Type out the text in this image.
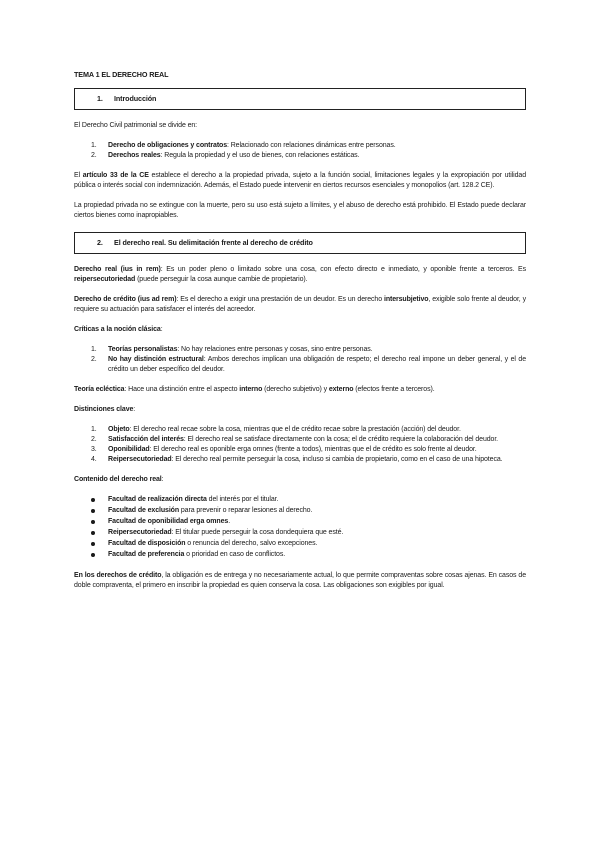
TEMA 1 EL DERECHO REAL

1.	Introducción

El Derecho Civil patrimonial se divide en:

1.	Derecho de obligaciones y contratos: Relacionado con relaciones dinámicas entre personas.
2.	Derechos reales: Regula la propiedad y el uso de bienes, con relaciones estáticas.

El artículo 33 de la CE establece el derecho a la propiedad privada, sujeto a la función social, limitaciones legales y la expropiación por utilidad pública o interés social con indemnización. Además, el Estado puede intervenir en ciertos recursos esenciales y monopolios (art. 128.2 CE).

La propiedad privada no se extingue con la muerte, pero su uso está sujeto a límites, y el abuso de derecho está prohibido. El Estado puede declarar ciertos bienes como inapropiables.

2.	El derecho real. Su delimitación frente al derecho de crédito

Derecho real (ius in rem): Es un poder pleno o limitado sobre una cosa, con efecto directo e inmediato, y oponible frente a terceros. Es reipersecutoriedad (puede perseguir la cosa aunque cambie de propietario).

Derecho de crédito (ius ad rem): Es el derecho a exigir una prestación de un deudor. Es un derecho intersubjetivo, exigible solo frente al deudor, y requiere su actuación para satisfacer el interés del acreedor.

Críticas a la noción clásica:

1.	Teorías personalistas: No hay relaciones entre personas y cosas, sino entre personas.
2.	No hay distinción estructural: Ambos derechos implican una obligación de respeto; el derecho real impone un deber general, y el de crédito un deber específico del deudor.

Teoría ecléctica: Hace una distinción entre el aspecto interno (derecho subjetivo) y externo (efectos frente a terceros).

Distinciones clave:

1.	Objeto: El derecho real recae sobre la cosa, mientras que el de crédito recae sobre la prestación (acción) del deudor.
2.	Satisfacción del interés: El derecho real se satisface directamente con la cosa; el de crédito requiere la colaboración del deudor.
3.	Oponibilidad: El derecho real es oponible erga omnes (frente a todos), mientras que el de crédito es solo frente al deudor.
4.	Reipersecutoriedad: El derecho real permite perseguir la cosa, incluso si cambia de propietario, como en el caso de una hipoteca.

Contenido del derecho real:

Facultad de realización directa del interés por el titular.
Facultad de exclusión para prevenir o reparar lesiones al derecho.
Facultad de oponibilidad erga omnes.
Reipersecutoriedad: El titular puede perseguir la cosa dondequiera que esté.
Facultad de disposición o renuncia del derecho, salvo excepciones.
Facultad de preferencia o prioridad en caso de conflictos.

En los derechos de crédito, la obligación es de entrega y no necesariamente actual, lo que permite compraventas sobre cosas ajenas. En casos de doble compraventa, el primero en inscribir la propiedad es quien conserva la cosa. Las obligaciones son exigibles por igual.
